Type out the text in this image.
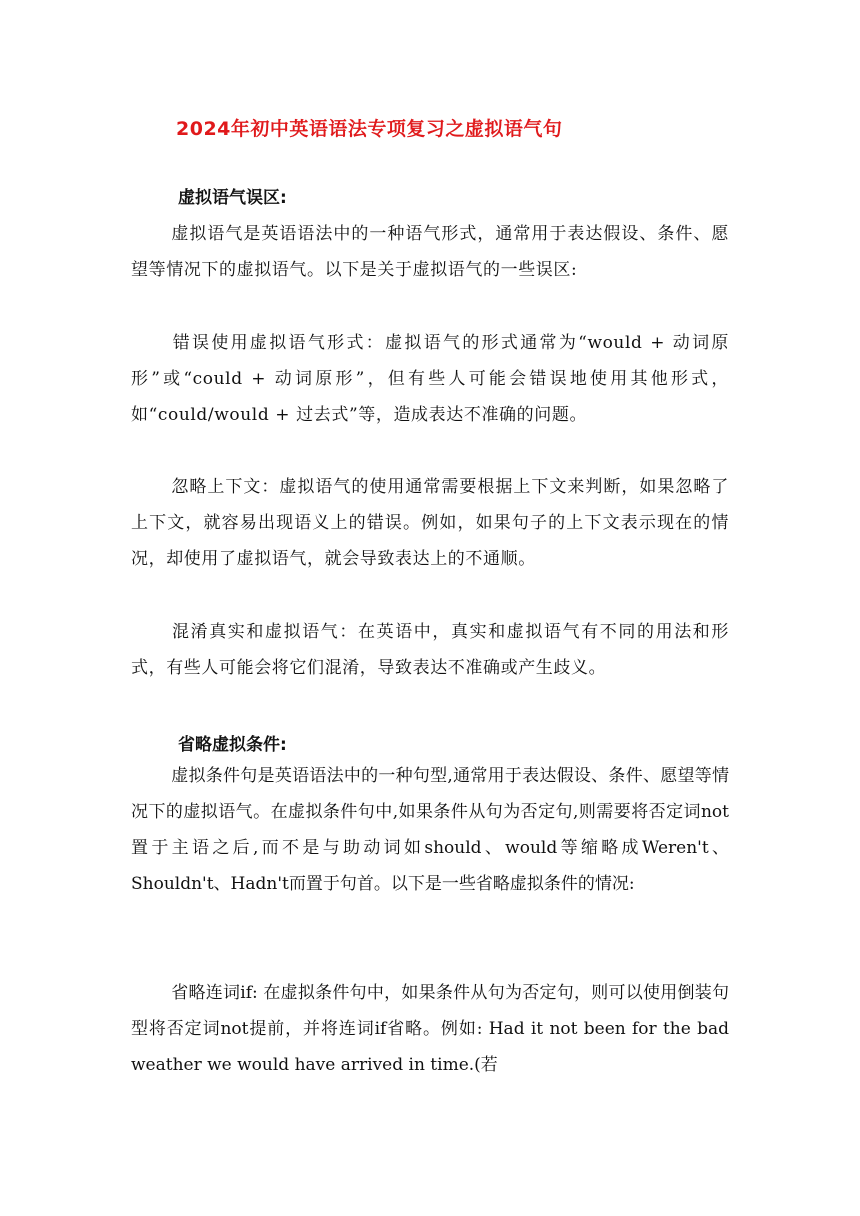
2024年初中英语语法专项复习之虚拟语气句
虚拟语气误区:
虚拟语气是英语语法中的一种语气形式，通常用于表达假设、条件、愿望等情况下的虚拟语气。以下是关于虚拟语气的一些误区:
错误使用虚拟语气形式：虚拟语气的形式通常为“would + 动词原形”或“could + 动词原形”，但有些人可能会错误地使用其他形式，如“could/would + 过去式”等，造成表达不准确的问题。
忽略上下文：虚拟语气的使用通常需要根据上下文来判断，如果忽略了上下文，就容易出现语义上的错误。例如，如果句子的上下文表示现在的情况，却使用了虚拟语气，就会导致表达上的不通顺。
混淆真实和虚拟语气：在英语中，真实和虚拟语气有不同的用法和形式，有些人可能会将它们混淆，导致表达不准确或产生歧义。
省略虚拟条件:
虚拟条件句是英语语法中的一种句型,通常用于表达假设、条件、愿望等情况下的虚拟语气。在虚拟条件句中,如果条件从句为否定句,则需要将否定词not置于主语之后,而不是与助动词如should、would等缩略成Weren't、Shouldn't、Hadn't而置于句首。以下是一些省略虚拟条件的情况:
省略连词if: 在虚拟条件句中，如果条件从句为否定句，则可以使用倒装句型将否定词not提前，并将连词if省略。例如: Had it not been for the bad weather we would have arrived in time.(若
